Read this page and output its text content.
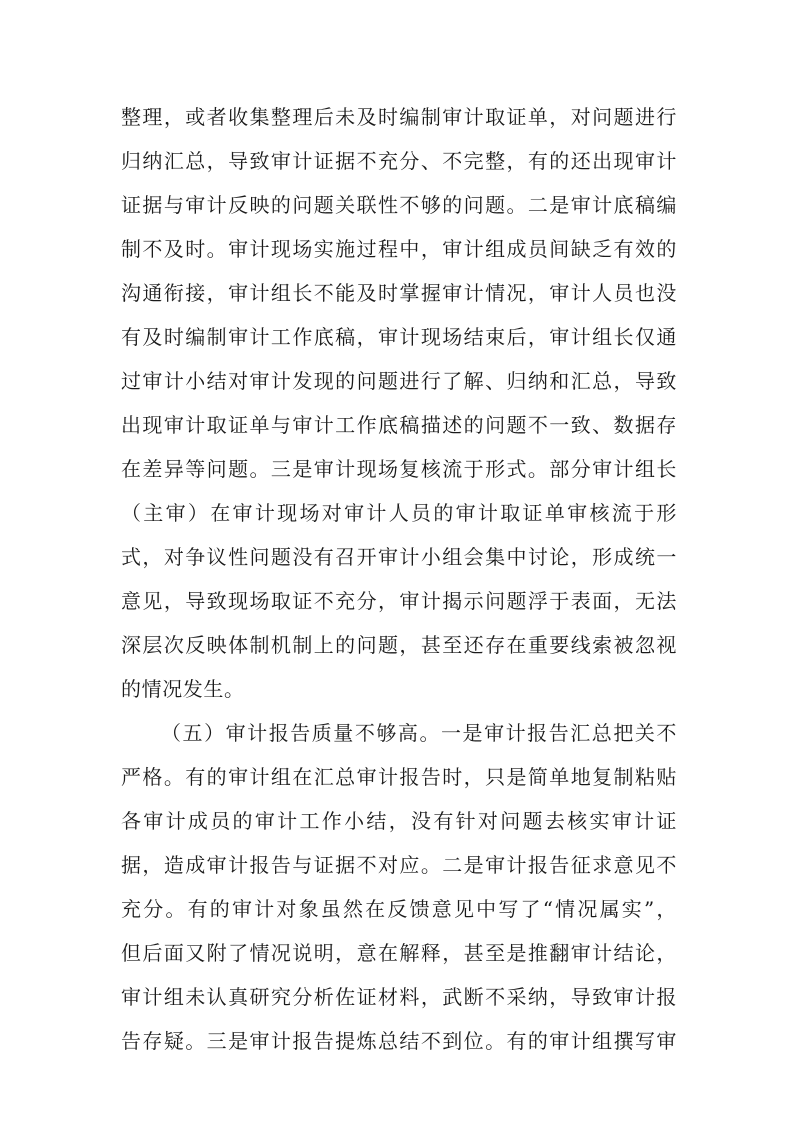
整理，或者收集整理后未及时编制审计取证单，对问题进行
归纳汇总，导致审计证据不充分、不完整，有的还出现审计
证据与审计反映的问题关联性不够的问题。二是审计底稿编
制不及时。审计现场实施过程中，审计组成员间缺乏有效的
沟通衔接，审计组长不能及时掌握审计情况，审计人员也没
有及时编制审计工作底稿，审计现场结束后，审计组长仅通
过审计小结对审计发现的问题进行了解、归纳和汇总，导致
出现审计取证单与审计工作底稿描述的问题不一致、数据存
在差异等问题。三是审计现场复核流于形式。部分审计组长
（主审）在审计现场对审计人员的审计取证单审核流于形
式，对争议性问题没有召开审计小组会集中讨论，形成统一
意见，导致现场取证不充分，审计揭示问题浮于表面，无法
深层次反映体制机制上的问题，甚至还存在重要线索被忽视
的情况发生。
（五）审计报告质量不够高。一是审计报告汇总把关不
严格。有的审计组在汇总审计报告时，只是简单地复制粘贴
各审计成员的审计工作小结，没有针对问题去核实审计证
据，造成审计报告与证据不对应。二是审计报告征求意见不
充分。有的审计对象虽然在反馈意见中写了“情况属实”，
但后面又附了情况说明，意在解释，甚至是推翻审计结论，
审计组未认真研究分析佐证材料，武断不采纳，导致审计报
告存疑。三是审计报告提炼总结不到位。有的审计组撰写审
